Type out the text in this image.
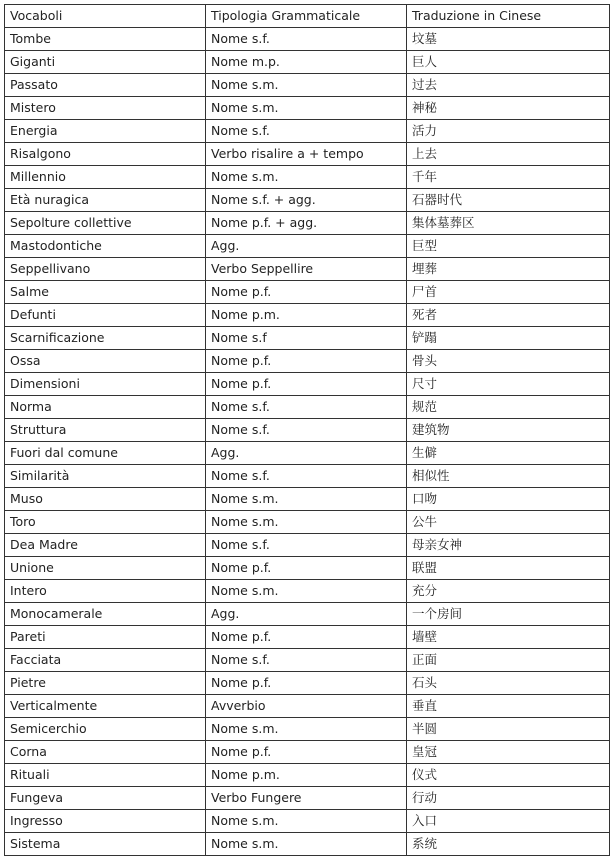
Vocaboli	Tipologia Grammaticale	Traduzione in Cinese
Tombe	Nome s.f.	坟墓
Giganti	Nome m.p.	巨人
Passato	Nome s.m.	过去
Mistero	Nome s.m.	神秘
Energia	Nome s.f.	活力
Risalgono	Verbo risalire a + tempo	上去
Millennio	Nome s.m.	千年
Età nuragica	Nome s.f. + agg.	石器时代
Sepolture collettive	Nome p.f. + agg.	集体墓葬区
Mastodontiche	Agg.	巨型
Seppellivano	Verbo Seppellire	埋葬
Salme	Nome p.f.	尸首
Defunti	Nome p.m.	死者
Scarnificazione	Nome s.f	铲蹋
Ossa	Nome p.f.	骨头
Dimensioni	Nome p.f.	尺寸
Norma	Nome s.f.	规范
Struttura	Nome s.f.	建筑物
Fuori dal comune	Agg.	生僻
Similarità	Nome s.f.	相似性
Muso	Nome s.m.	口吻
Toro	Nome s.m.	公牛
Dea Madre	Nome s.f.	母亲女神
Unione	Nome p.f.	联盟
Intero	Nome s.m.	充分
Monocamerale	Agg.	一个房间
Pareti	Nome p.f.	墙壁
Facciata	Nome s.f.	正面
Pietre	Nome p.f.	石头
Verticalmente	Avverbio	垂直
Semicerchio	Nome s.m.	半圆
Corna	Nome p.f.	皇冠
Rituali	Nome p.m.	仪式
Fungeva	Verbo Fungere	行动
Ingresso	Nome s.m.	入口
Sistema	Nome s.m.	系统
